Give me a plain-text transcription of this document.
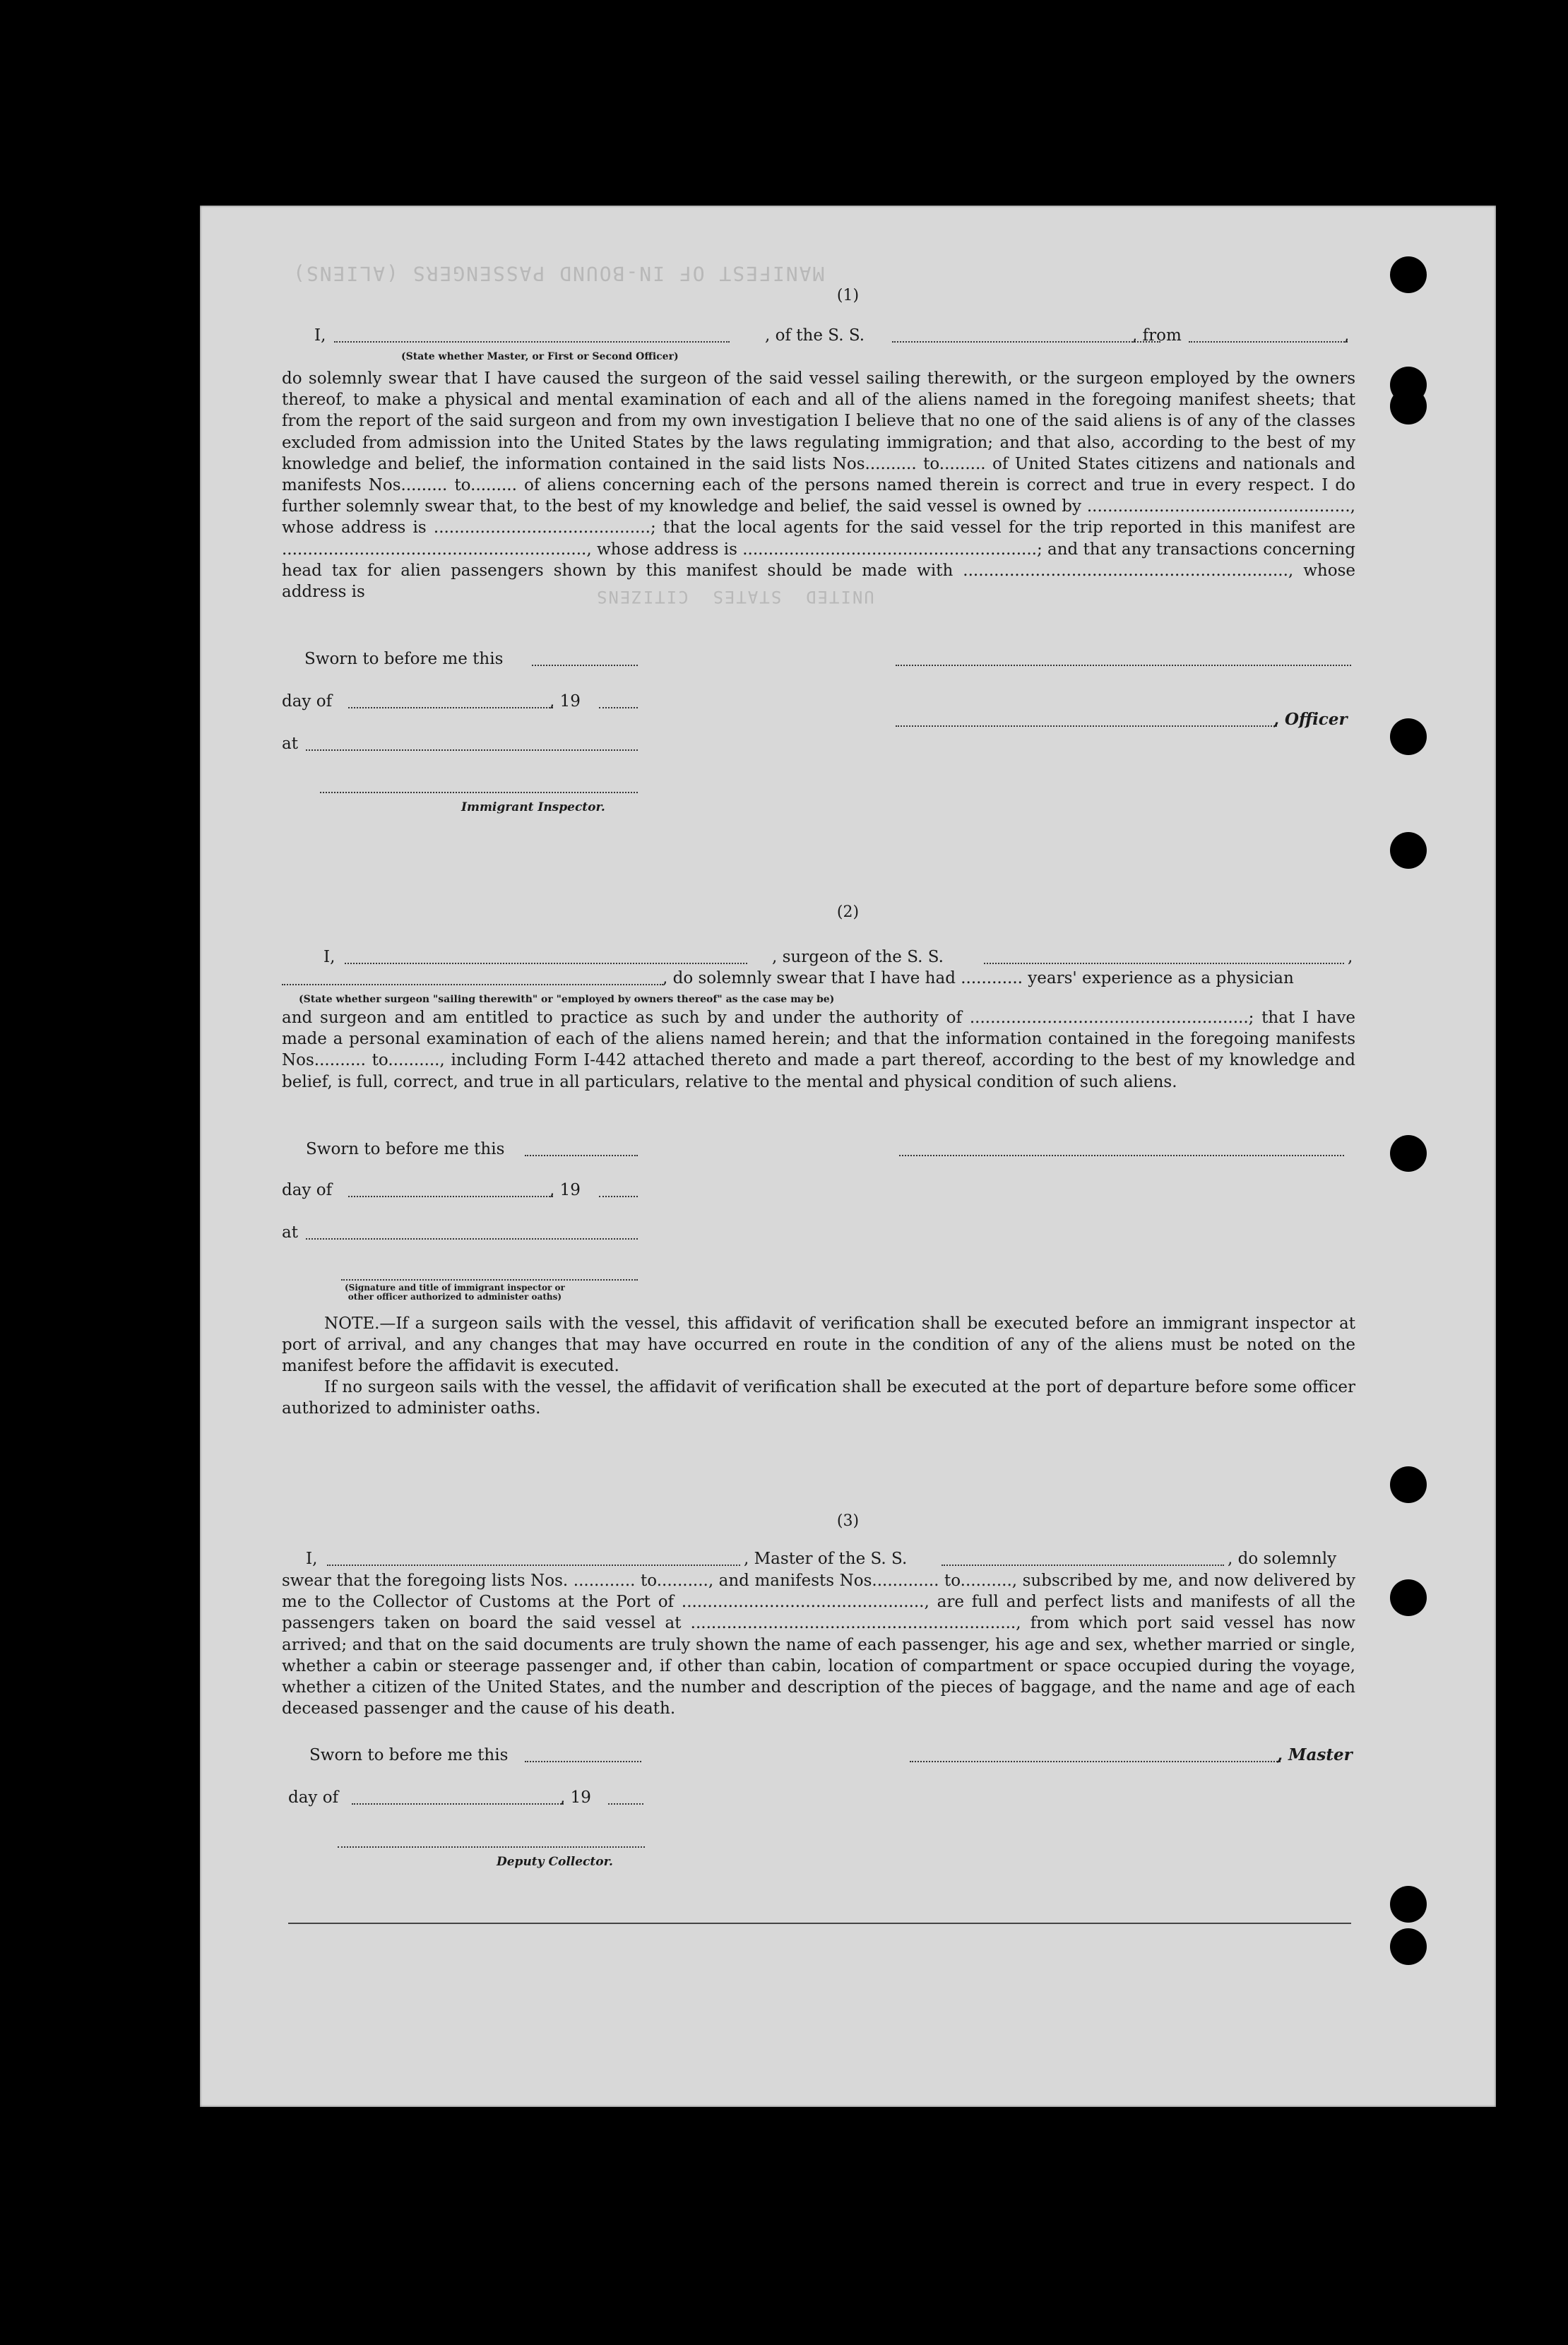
MANIFEST OF IN-BOUND PASSENGERS (ALIENS)
UNITED  STATES  CITIZENS
(1)
I,	, of the S. S.	, from	,
(State whether Master, or First or Second Officer)
do solemnly swear that I have caused the surgeon of the said vessel sailing therewith, or the surgeon employed by the owners thereof, to make a physical and mental examination of each and all of the aliens named in the foregoing manifest sheets; that from the report of the said surgeon and from my own investigation I believe that no one of the said aliens is of any of the classes excluded from admission into the United States by the laws regulating immigration; and that also, according to the best of my knowledge and belief, the information contained in the said lists Nos.......... to......... of United States citizens and nationals and manifests Nos......... to......... of aliens concerning each of the persons named therein is correct and true in every respect. I do further solemnly swear that, to the best of my knowledge and belief, the said vessel is owned by ..................................................., whose address is ..........................................; that the local agents for the said vessel for the trip reported in this manifest are ..........................................................., whose address is .........................................................; and that any transactions concerning head tax for alien passengers shown by this manifest should be made with ..............................................................., whose address is
Sworn to before me this
day of	, 19
at
, Officer
Immigrant Inspector.
(2)
I,	, surgeon of the S. S.	,
, do solemnly swear that I have had ............ years' experience as a physician
(State whether surgeon "sailing therewith" or "employed by owners thereof" as the case may be)
and surgeon and am entitled to practice as such by and under the authority of ......................................................; that I have made a personal examination of each of the aliens named herein; and that the information contained in the foregoing manifests Nos.......... to.........., including Form I-442 attached thereto and made a part thereof, according to the best of my knowledge and belief, is full, correct, and true in all particulars, relative to the mental and physical condition of such aliens.
Sworn to before me this
day of	, 19
at
(Signature and title of immigrant inspector or
other officer authorized to administer oaths)
NOTE.—If a surgeon sails with the vessel, this affidavit of verification shall be executed before an immigrant inspector at port of arrival, and any changes that may have occurred en route in the condition of any of the aliens must be noted on the manifest before the affidavit is executed.
If no surgeon sails with the vessel, the affidavit of verification shall be executed at the port of departure before some officer authorized to administer oaths.
(3)
I,	, Master of the S. S.	, do solemnly
swear that the foregoing lists Nos. ............ to.........., and manifests Nos............. to.........., subscribed by me, and now delivered by me to the Collector of Customs at the Port of ..............................................., are full and perfect lists and manifests of all the passengers taken on board the said vessel at ..............................................................., from which port said vessel has now arrived; and that on the said documents are truly shown the name of each passenger, his age and sex, whether married or single, whether a cabin or steerage passenger and, if other than cabin, location of compartment or space occupied during the voyage, whether a citizen of the United States, and the number and description of the pieces of baggage, and the name and age of each deceased passenger and the cause of his death.
Sworn to before me this	, Master
day of	, 19
Deputy Collector.
